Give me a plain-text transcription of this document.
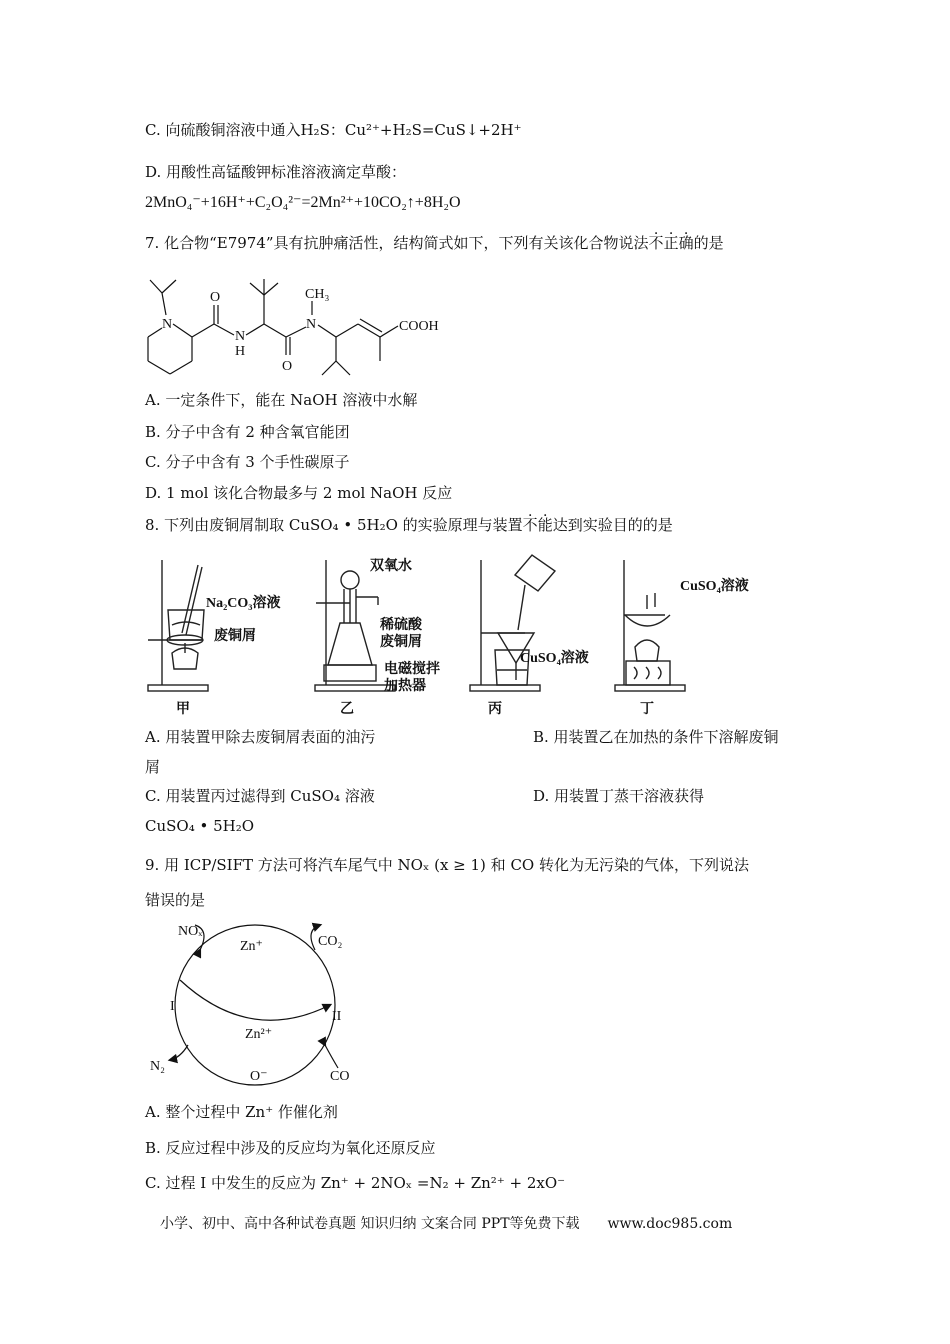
C. 向硫酸铜溶液中通入H₂S：Cu²⁺+H₂S=CuS↓+2H⁺
D. 用酸性高锰酸钾标准溶液滴定草酸：
2MnO₄⁻+16H⁺+C₂O₄²⁻=2Mn²⁺+10CO₂↑+8H₂O
7. 化合物“E7974”具有抗肿痛活性，结构简式如下，下列有关该化合物说法不正确的是
N
O
N
H
O
N
CH₃
COOH
A. 一定条件下，能在 NaOH 溶液中水解
B. 分子中含有 2 种含氧官能团
C. 分子中含有 3 个手性碳原子
D. 1 mol 该化合物最多与 2 mol NaOH 反应
8. 下列由废铜屑制取 CuSO₄ • 5H₂O 的实验原理与装置不能达到实验目的的是
Na₂CO₃溶液
废铜屑
甲
双氧水
稀硫酸
废铜屑
电磁搅拌
加热器
乙
CuSO₄溶液
丙
CuSO₄溶液
丁
A. 用装置甲除去废铜屑表面的油污	B. 用装置乙在加热的条件下溶解废铜
屑
C. 用装置丙过滤得到 CuSO₄ 溶液	D. 用装置丁蒸干溶液获得
CuSO₄ • 5H₂O
9. 用 ICP/SIFT 方法可将汽车尾气中 NOₓ (x ≥ 1) 和 CO 转化为无污染的气体，下列说法
错误的是
NOₓ
Zn⁺	CO₂
I
II
Zn²⁺
N₂
O⁻	CO
A. 整个过程中 Zn⁺ 作催化剂
B. 反应过程中涉及的反应均为氧化还原反应
C. 过程 I 中发生的反应为 Zn⁺ + 2NOₓ =N₂ + Zn²⁺ + 2xO⁻
小学、初中、高中各种试卷真题 知识归纳 文案合同 PPT等免费下载 www.doc985.com
